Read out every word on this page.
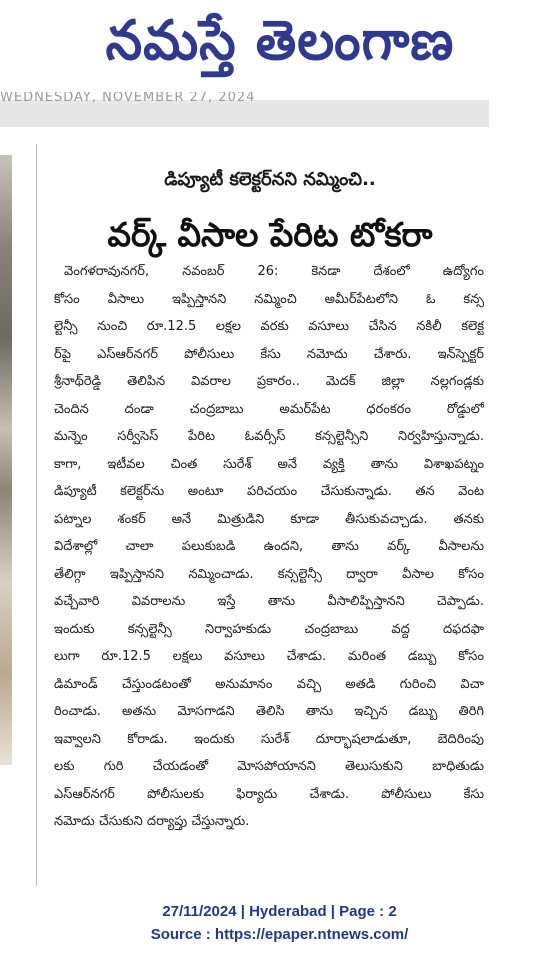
నమస్తే తెలంగాణ
WEDNESDAY, NOVEMBER 27, 2024
డిప్యూటీ కలెక్టర్‌నని నమ్మించి..
వర్క్‌ వీసాల పేరిట టోకరా
వెంగళరావునగర్‌, నవంబర్‌ 26: కెనడా దేశంలో ఉద్యోగం
కోసం వీసాలు ఇప్పిస్తానని నమ్మించి అమీర్‌పేటలోని ఓ కన్స
ల్టెన్సీ నుంచి రూ.12.5 లక్షల వరకు వసూలు చేసిన నకిలీ కలెక్ట
ర్‌పై ఎస్‌ఆర్‌నగర్‌ పోలీసులు కేసు నమోదు చేశారు. ఇన్‌స్పెక్టర్‌
శ్రీనాథ్‌రెడ్డి తెలిపిన వివరాల ప్రకారం.. మెదక్‌ జిల్లా నల్లగండ్లకు
చెందిన దండా చంద్రబాబు అమర్‌పేట ధరంకరం రోడ్డులో
మన్నెం సర్వీసెస్‌ పేరిట ఓవర్సీస్‌ కన్సల్టెన్సీని నిర్వహిస్తున్నాడు.
కాగా, ఇటీవల చింత సురేశ్‌ అనే వ్యక్తి తాను విశాఖపట్నం
డిప్యూటీ కలెక్టర్‌ను అంటూ పరిచయం చేసుకున్నాడు. తన వెంట
పట్నాల శంకర్‌ అనే మిత్రుడిని కూడా తీసుకువచ్చాడు. తనకు
విదేశాల్లో చాలా పలుకుబడి ఉందని, తాను వర్క్‌ వీసాలను
తేలిగ్గా ఇప్పిస్తానని నమ్మించాడు. కన్సల్టెన్సీ ద్వారా వీసాల కోసం
వచ్చేవారి వివరాలను ఇస్తే తాను వీసాలిప్పిస్తానని చెప్పాడు.
ఇందుకు కన్సల్టెన్సీ నిర్వాహకుడు చంద్రబాబు వద్ద దఫదఫా
లుగా రూ.12.5 లక్షలు వసూలు చేశాడు. మరింత డబ్బు కోసం
డిమాండ్‌ చేస్తుండటంతో అనుమానం వచ్చి అతడి గురించి విచా
రించాడు. అతను మోసగాడని తెలిసి తాను ఇచ్చిన డబ్బు తిరిగి
ఇవ్వాలని కోరాడు. ఇందుకు సురేశ్‌ దూర్భాషలాడుతూ, బెదిరింపు
లకు గురి చేయడంతో మోసపోయానని తెలుసుకుని బాధితుడు
ఎస్‌ఆర్‌నగర్‌ పోలీసులకు ఫిర్యాదు చేశాడు. పోలీసులు కేసు
నమోదు చేసుకుని దర్యాప్తు చేస్తున్నారు.
27/11/2024 | Hyderabad | Page : 2
Source : https://epaper.ntnews.com/
